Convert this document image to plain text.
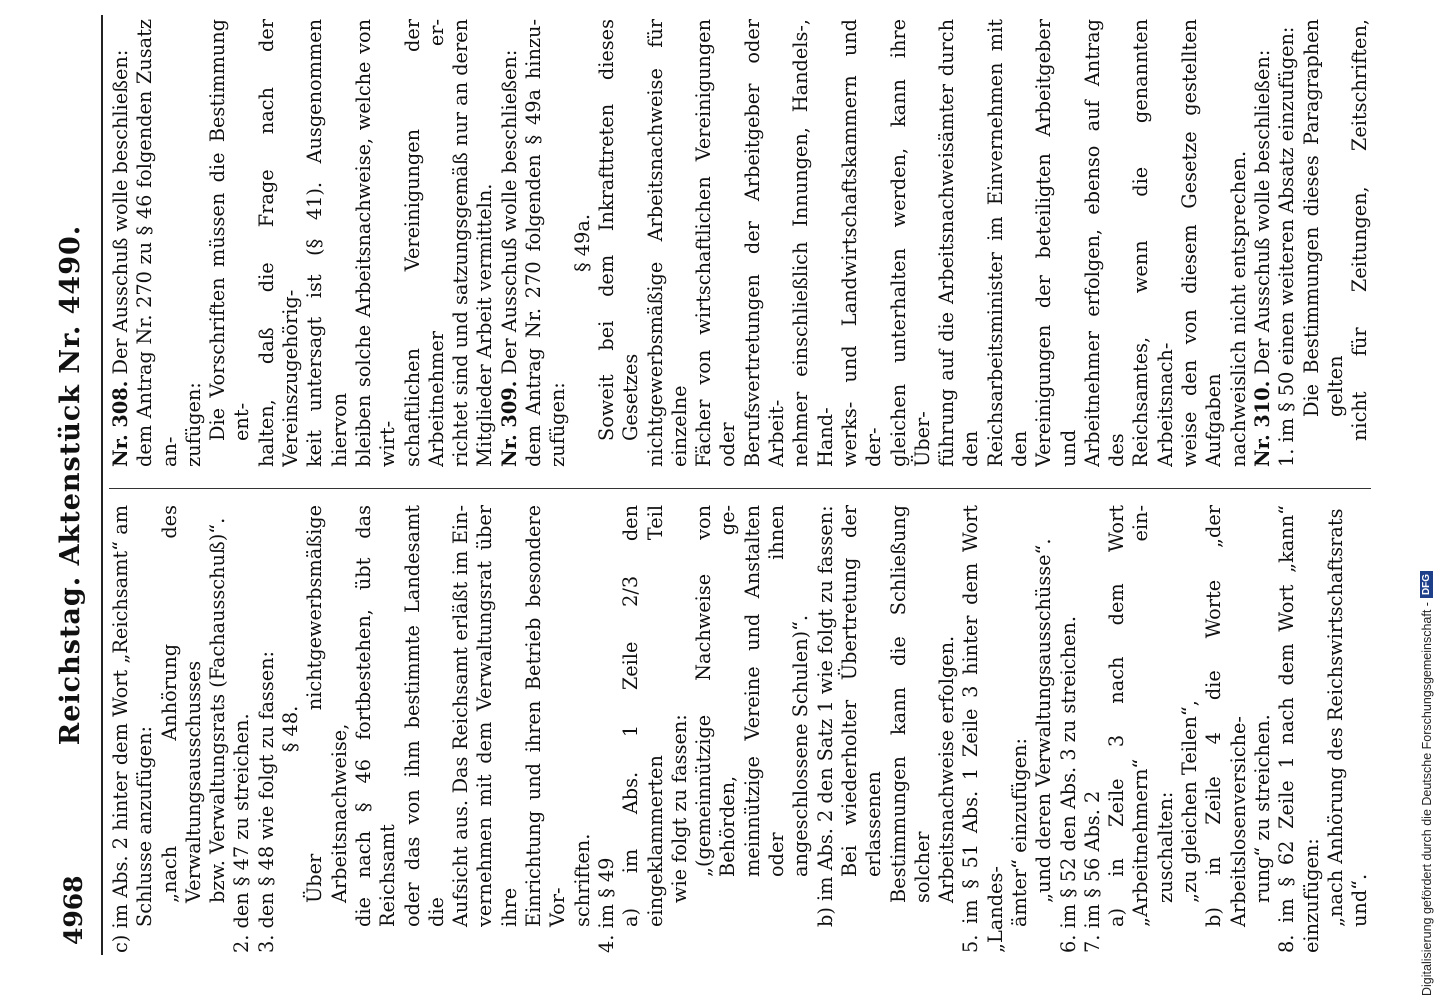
4968
Reichstag. Aktenstück Nr. 4490.

c) im Abs. 2 hinter dem Wort „Reichsamt“ am Schlusse anzufügen: „nach Anhörung des Verwaltungsausschusses bzw. Verwaltungsrats (Fachausschuß)“. 2. den § 47 zu streichen. 3. den § 48 wie folgt zu fassen: § 48. Über nichtgewerbsmäßige Arbeitsnachweise, die nach § 46 fortbestehen, übt das Reichsamt oder das von ihm bestimmte Landesamt die Aufsicht aus. Das Reichsamt erläßt im Ein- vernehmen mit dem Verwaltungsrat über ihre Einrichtung und ihren Betrieb besondere Vor- schriften. 4. im § 49 a) im Abs. 1 Zeile 2/3 den eingeklammerten Teil wie folgt zu fassen: „(gemeinnützige Nachweise von Behörden, ge- meinnützige Vereine und Anstalten oder ihnen angeschlossene Schulen)“. b) im Abs. 2 den Satz 1 wie folgt zu fassen: Bei wiederholter Übertretung der erlassenen Bestimmungen kann die Schließung solcher Arbeitsnachweise erfolgen. 5. im § 51 Abs. 1 Zeile 3 hinter dem Wort „Landes- ämter“ einzufügen: „und deren Verwaltungsausschüsse“. 6. im § 52 den Abs. 3 zu streichen. 7. im § 56 Abs. 2 a) in Zeile 3 nach dem Wort „Arbeitnehmern“ ein- zuschalten: „zu gleichen Teilen“, b) in Zeile 4 die Worte „der Arbeitslosenversiche- rung“ zu streichen. 8. im § 62 Zeile 1 nach dem Wort „kann“ einzufügen: „nach Anhörung des Reichswirtschaftsrats und“.

Nr. 308. Der Ausschuß wolle beschließen: dem Antrag Nr. 270 zu § 46 folgenden Zusatz an- zufügen: Die Vorschriften müssen die Bestimmung ent- halten, daß die Frage nach der Vereinszugehörig- keit untersagt ist (§ 41). Ausgenommen hiervon bleiben solche Arbeitsnachweise, welche von wirt- schaftlichen Vereinigungen der Arbeitnehmer er- richtet sind und satzungsgemäß nur an deren Mitglieder Arbeit vermitteln. Nr. 309. Der Ausschuß wolle beschließen: dem Antrag Nr. 270 folgenden § 49a hinzu- zufügen:

§ 49a. Soweit bei dem Inkrafttreten dieses Gesetzes nichtgewerbsmäßige Arbeitsnachweise für einzelne Fächer von wirtschaftlichen Vereinigungen oder Berufsvertretungen der Arbeitgeber oder Arbeit- nehmer einschließlich Innungen, Handels-, Hand- werks- und Landwirtschaftskammern und der- gleichen unterhalten werden, kann ihre Über- führung auf die Arbeitsnachweisämter durch den Reichsarbeitsminister im Einvernehmen mit den Vereinigungen der beteiligten Arbeitgeber und Arbeitnehmer erfolgen, ebenso auf Antrag des Reichsamtes, wenn die genannten Arbeitsnach- weise den von diesem Gesetze gestellten Aufgaben nachweislich nicht entsprechen. Nr. 310. Der Ausschuß wolle beschließen: 1. im § 50 einen weiteren Absatz einzufügen: Die Bestimmungen dieses Paragraphen gelten nicht für Zeitungen, Zeitschriften,

Digitalisierung gefördert durch die Deutsche Forschungsgemeinschaft -DFG
